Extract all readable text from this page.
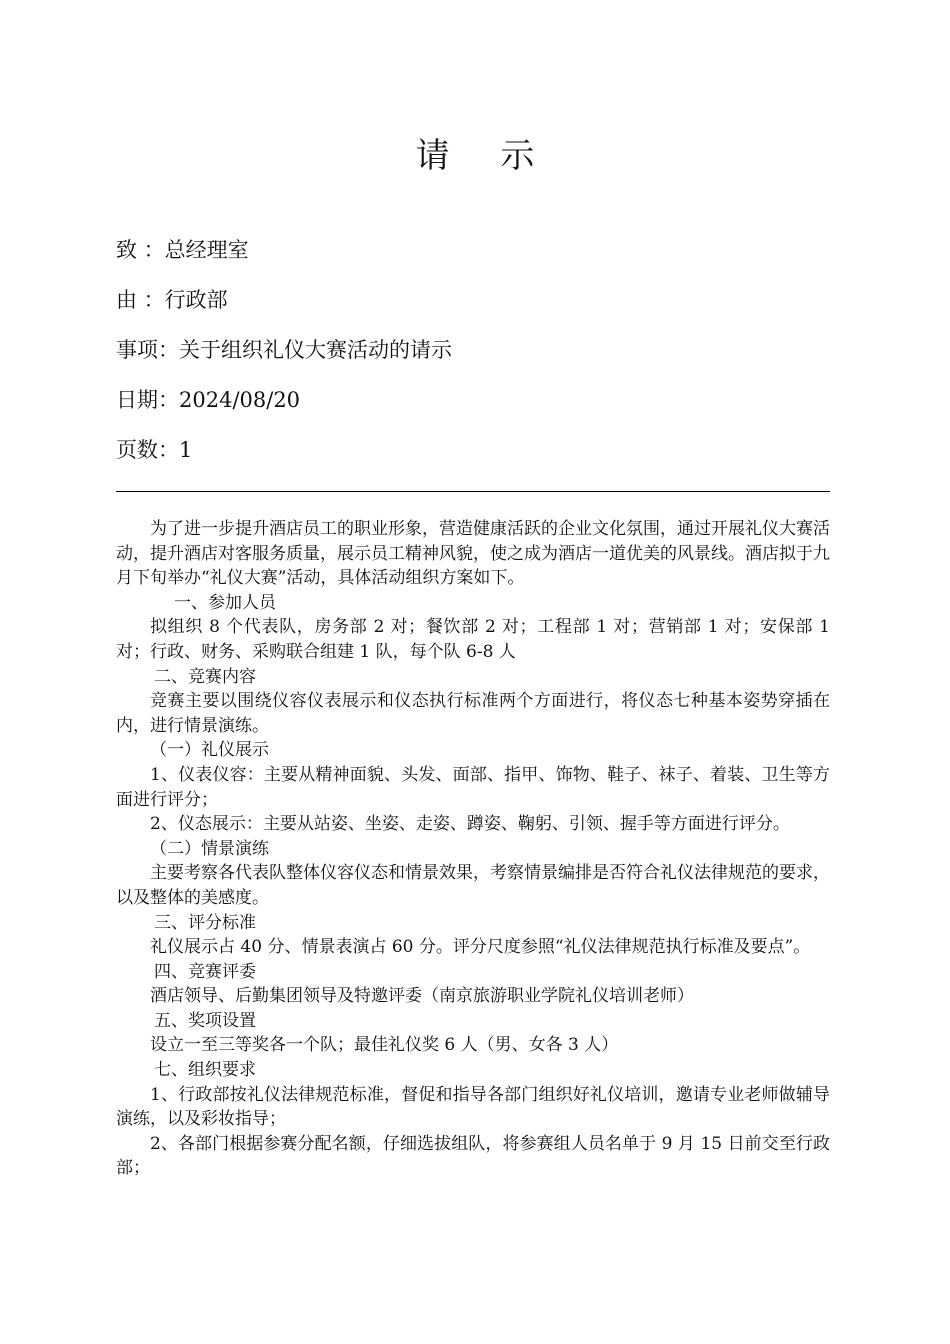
请 示
致 ：总经理室
由 ：行政部
事项：关于组织礼仪大赛活动的请示
日期：2024/08/20
页数：1

为了进一步提升酒店员工的职业形象，营造健康活跃的企业文化氛围，通过开展礼仪大赛活动，提升酒店对客服务质量，展示员工精神风貌，使之成为酒店一道优美的风景线。酒店拟于九月下旬举办“礼仪大赛”活动，具体活动组织方案如下。

一、参加人员

拟组织 8 个代表队，房务部 2 对；餐饮部 2 对；工程部 1 对；营销部 1 对；安保部 1 对；行政、财务、采购联合组建 1 队，每个队 6-8 人

二、竞赛内容

竞赛主要以围绕仪容仪表展示和仪态执行标准两个方面进行，将仪态七种基本姿势穿插在内，进行情景演练。

（一）礼仪展示

1、仪表仪容：主要从精神面貌、头发、面部、指甲、饰物、鞋子、袜子、着装、卫生等方面进行评分；

2、仪态展示：主要从站姿、坐姿、走姿、蹲姿、鞠躬、引领、握手等方面进行评分。

（二）情景演练

主要考察各代表队整体仪容仪态和情景效果，考察情景编排是否符合礼仪法律规范的要求，以及整体的美感度。

三、评分标准

礼仪展示占 40 分、情景表演占 60 分。评分尺度参照“礼仪法律规范执行标准及要点”。

四、竞赛评委

酒店领导、后勤集团领导及特邀评委（南京旅游职业学院礼仪培训老师）

五、奖项设置

设立一至三等奖各一个队；最佳礼仪奖 6 人（男、女各 3 人）

七、组织要求

1、行政部按礼仪法律规范标准，督促和指导各部门组织好礼仪培训，邀请专业老师做辅导演练，以及彩妆指导；

2、各部门根据参赛分配名额，仔细选拔组队，将参赛组人员名单于 9 月 15 日前交至行政部；
